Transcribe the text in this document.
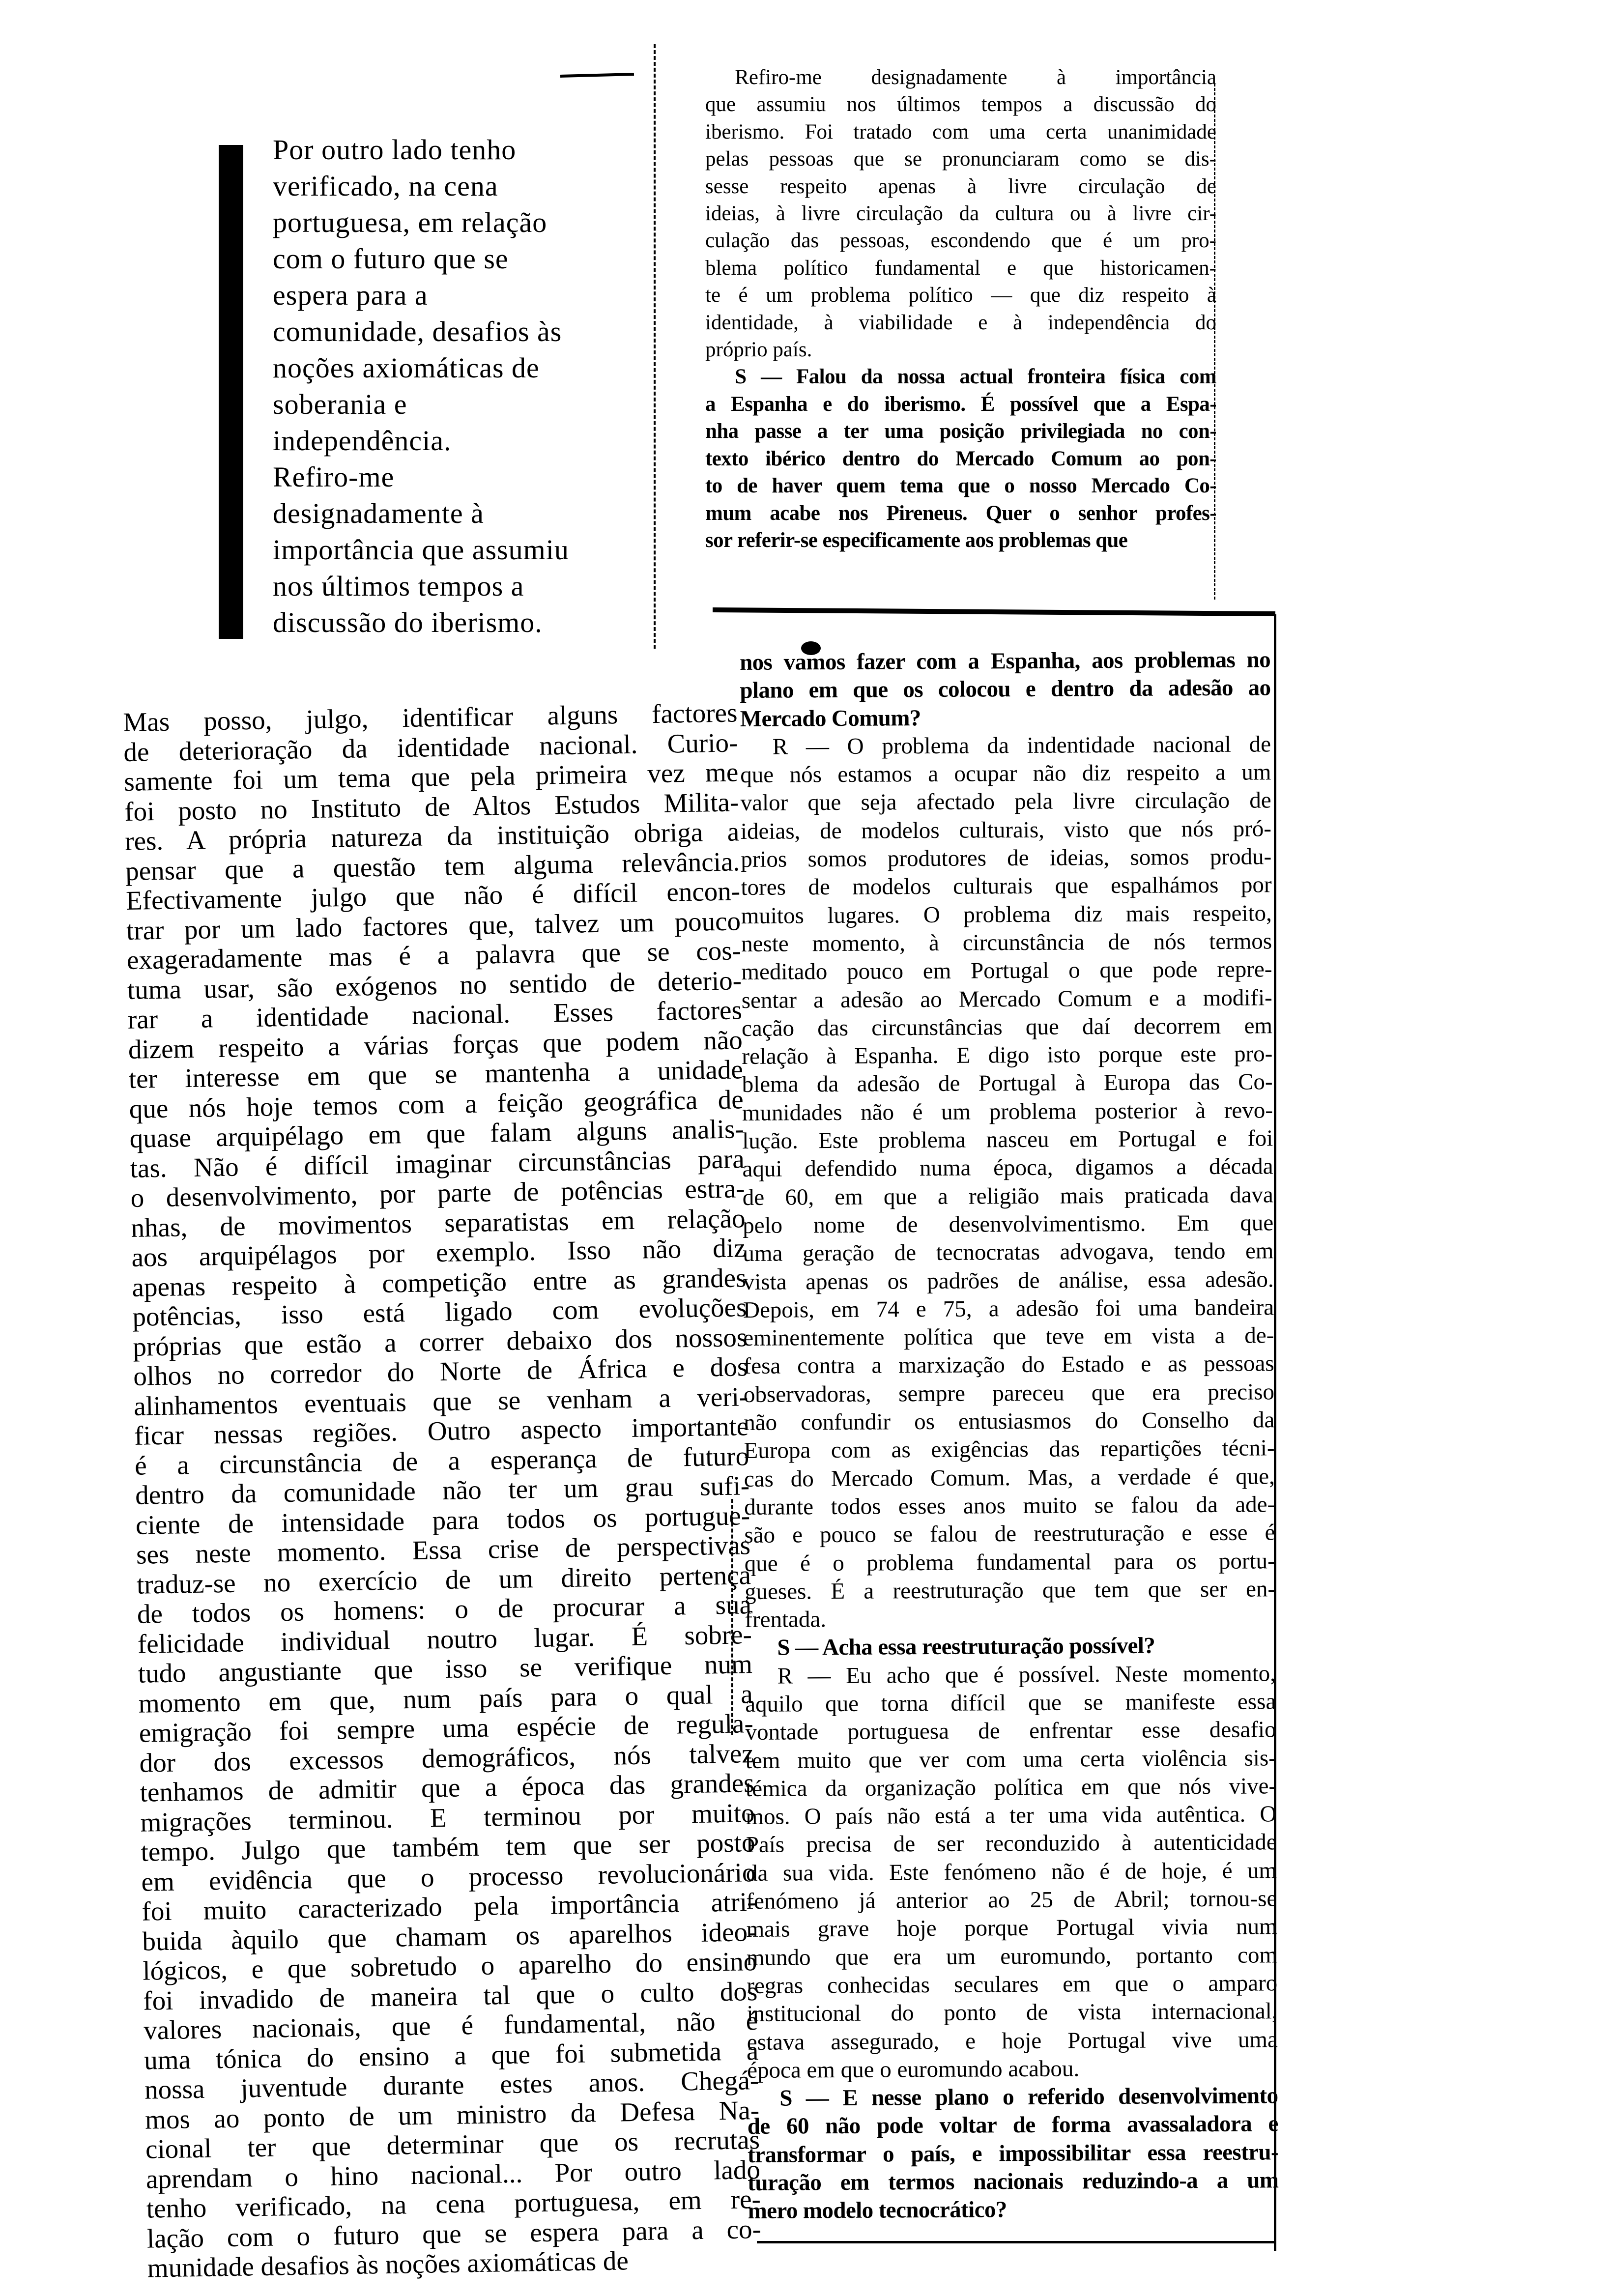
Por outro lado tenho
verificado, na cena
portuguesa, em relação
com o futuro que se
espera para a
comunidade, desafios às
noções axiomáticas de
soberania e
independência.
Refiro-me
designadamente à
importância que assumiu
nos últimos tempos a
discussão do iberismo.
Refiro-me designadamente à importância
que assumiu nos últimos tempos a discussão do
iberismo. Foi tratado com uma certa unanimidade
pelas pessoas que se pronunciaram como se dis-
sesse respeito apenas à livre circulação de
ideias, à livre circulação da cultura ou à livre cir-
culação das pessoas, escondendo que é um pro-
blema político fundamental e que historicamen-
te é um problema político — que diz respeito à
identidade, à viabilidade e à independência do
próprio país.
S — Falou da nossa actual fronteira física com
a Espanha e do iberismo. É possível que a Espa-
nha passe a ter uma posição privilegiada no con-
texto ibérico dentro do Mercado Comum ao pon-
to de haver quem tema que o nosso Mercado Co-
mum acabe nos Pireneus. Quer o senhor profes-
sor referir-se especificamente aos problemas que
Mas posso, julgo, identificar alguns factores
de deterioração da identidade nacional. Curio-
samente foi um tema que pela primeira vez me
foi posto no Instituto de Altos Estudos Milita-
res. A própria natureza da instituição obriga a
pensar que a questão tem alguma relevância.
Efectivamente julgo que não é difícil encon-
trar por um lado factores que, talvez um pouco
exageradamente mas é a palavra que se cos-
tuma usar, são exógenos no sentido de deterio-
rar a identidade nacional. Esses factores
dizem respeito a várias forças que podem não
ter interesse em que se mantenha a unidade
que nós hoje temos com a feição geográfica de
quase arquipélago em que falam alguns analis-
tas. Não é difícil imaginar circunstâncias para
o desenvolvimento, por parte de potências estra-
nhas, de movimentos separatistas em relação
aos arquipélagos por exemplo. Isso não diz
apenas respeito à competição entre as grandes
potências, isso está ligado com evoluções
próprias que estão a correr debaixo dos nossos
olhos no corredor do Norte de África e dos
alinhamentos eventuais que se venham a veri-
ficar nessas regiões. Outro aspecto importante
é a circunstância de a esperança de futuro
dentro da comunidade não ter um grau sufi-
ciente de intensidade para todos os portugue-
ses neste momento. Essa crise de perspectivas
traduz-se no exercício de um direito pertença
de todos os homens: o de procurar a sua
felicidade individual noutro lugar. É sobre-
tudo angustiante que isso se verifique num
momento em que, num país para o qual a
emigração foi sempre uma espécie de regula-
dor dos excessos demográficos, nós talvez
tenhamos de admitir que a época das grandes
migrações terminou. E terminou por muito
tempo. Julgo que também tem que ser posto
em evidência que o processo revolucionário
foi muito caracterizado pela importância atri-
buida àquilo que chamam os aparelhos ideo-
lógicos, e que sobretudo o aparelho do ensino
foi invadido de maneira tal que o culto dos
valores nacionais, que é fundamental, não é
uma tónica do ensino a que foi submetida a
nossa juventude durante estes anos. Chegá-
mos ao ponto de um ministro da Defesa Na-
cional ter que determinar que os recrutas
aprendam o hino nacional... Por outro lado
tenho verificado, na cena portuguesa, em re-
lação com o futuro que se espera para a co-
munidade desafios às noções axiomáticas de
nos vamos fazer com a Espanha, aos problemas no
plano em que os colocou e dentro da adesão ao
Mercado Comum?
R — O problema da indentidade nacional de
que nós estamos a ocupar não diz respeito a um
valor que seja afectado pela livre circulação de
ideias, de modelos culturais, visto que nós pró-
prios somos produtores de ideias, somos produ-
tores de modelos culturais que espalhámos por
muitos lugares. O problema diz mais respeito,
neste momento, à circunstância de nós termos
meditado pouco em Portugal o que pode repre-
sentar a adesão ao Mercado Comum e a modifi-
cação das circunstâncias que daí decorrem em
relação à Espanha. E digo isto porque este pro-
blema da adesão de Portugal à Europa das Co-
munidades não é um problema posterior à revo-
lução. Este problema nasceu em Portugal e foi
aqui defendido numa época, digamos a década
de 60, em que a religião mais praticada dava
pelo nome de desenvolvimentismo. Em que
uma geração de tecnocratas advogava, tendo em
vista apenas os padrões de análise, essa adesão.
Depois, em 74 e 75, a adesão foi uma bandeira
eminentemente política que teve em vista a de-
fesa contra a marxização do Estado e as pessoas
observadoras, sempre pareceu que era preciso
não confundir os entusiasmos do Conselho da
Europa com as exigências das repartições técni-
cas do Mercado Comum. Mas, a verdade é que,
durante todos esses anos muito se falou da ade-
são e pouco se falou de reestruturação e esse é
que é o problema fundamental para os portu-
gueses. É a reestruturação que tem que ser en-
frentada.
S — Acha essa reestruturação possível?
R — Eu acho que é possível. Neste momento,
aquilo que torna difícil que se manifeste essa
vontade portuguesa de enfrentar esse desafio
tem muito que ver com uma certa violência sis-
témica da organização política em que nós vive-
mos. O país não está a ter uma vida autêntica. O
País precisa de ser reconduzido à autenticidade
da sua vida. Este fenómeno não é de hoje, é um
fenómeno já anterior ao 25 de Abril; tornou-se
mais grave hoje porque Portugal vivia num
mundo que era um euromundo, portanto com
regras conhecidas seculares em que o amparo
institucional do ponto de vista internacional,
estava assegurado, e hoje Portugal vive uma
época em que o euromundo acabou.
S — E nesse plano o referido desenvolvimento
de 60 não pode voltar de forma avassaladora e
transformar o país, e impossibilitar essa reestru-
turação em termos nacionais reduzindo-a a um
mero modelo tecnocrático?
